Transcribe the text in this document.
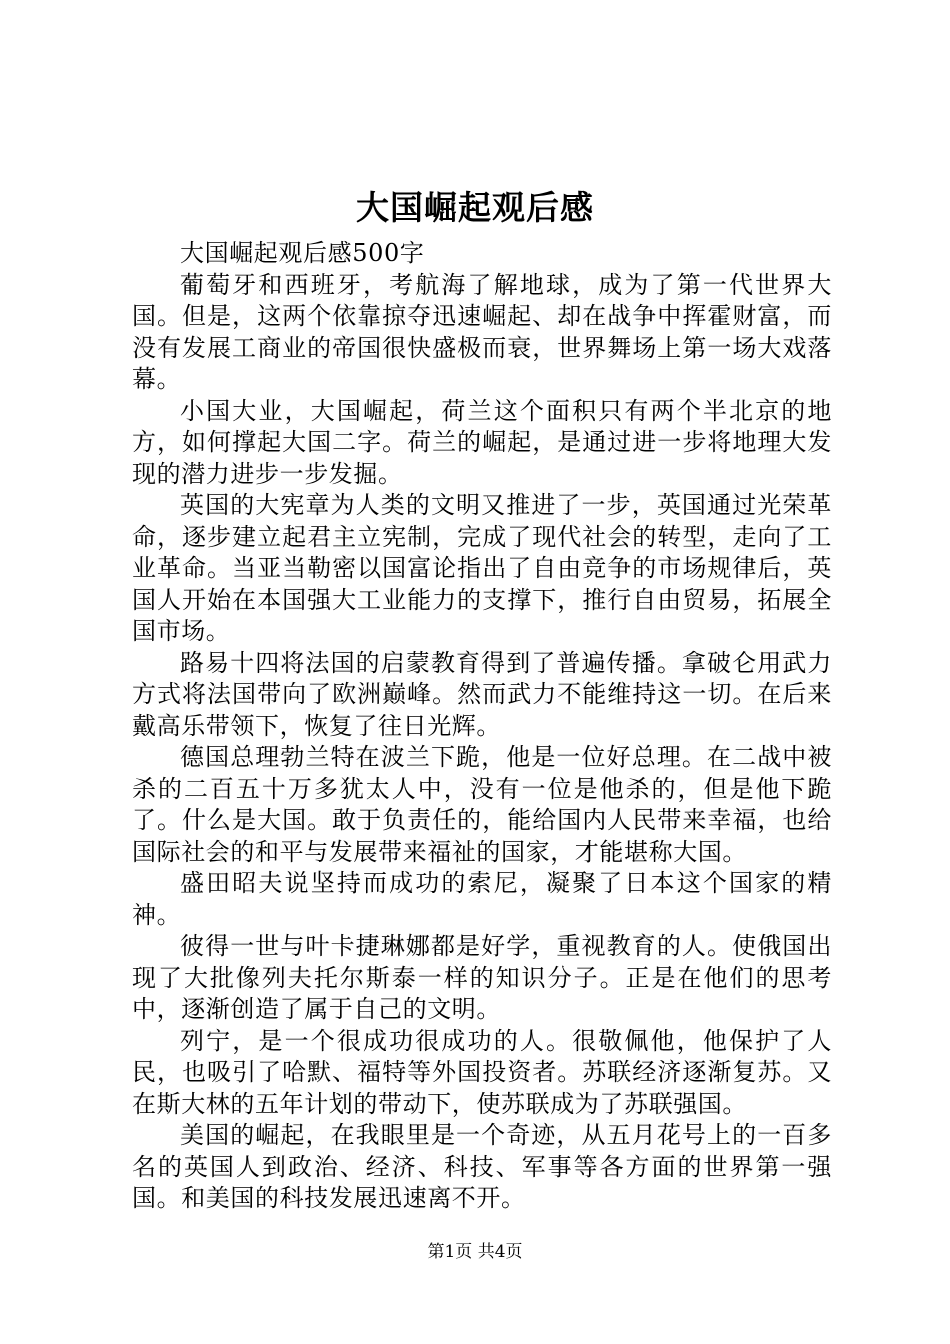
大国崛起观后感

大国崛起观后感500字

葡萄牙和西班牙，考航海了解地球，成为了第一代世界大国。但是，这两个依靠掠夺迅速崛起、却在战争中挥霍财富，而没有发展工商业的帝国很快盛极而衰，世界舞场上第一场大戏落幕。

小国大业，大国崛起，荷兰这个面积只有两个半北京的地方，如何撑起大国二字。荷兰的崛起，是通过进一步将地理大发现的潜力进步一步发掘。

英国的大宪章为人类的文明又推进了一步，英国通过光荣革命，逐步建立起君主立宪制，完成了现代社会的转型，走向了工业革命。当亚当勒密以国富论指出了自由竞争的市场规律后，英国人开始在本国强大工业能力的支撑下，推行自由贸易，拓展全国市场。

路易十四将法国的启蒙教育得到了普遍传播。拿破仑用武力方式将法国带向了欧洲巅峰。然而武力不能维持这一切。在后来戴高乐带领下，恢复了往日光辉。

德国总理勃兰特在波兰下跪，他是一位好总理。在二战中被杀的二百五十万多犹太人中，没有一位是他杀的，但是他下跪了。什么是大国。敢于负责任的，能给国内人民带来幸福，也给国际社会的和平与发展带来福祉的国家，才能堪称大国。

盛田昭夫说坚持而成功的索尼，凝聚了日本这个国家的精神。

彼得一世与叶卡捷琳娜都是好学，重视教育的人。使俄国出现了大批像列夫托尔斯泰一样的知识分子。正是在他们的思考中，逐渐创造了属于自己的文明。

列宁，是一个很成功很成功的人。很敬佩他，他保护了人民，也吸引了哈默、福特等外国投资者。苏联经济逐渐复苏。又在斯大林的五年计划的带动下，使苏联成为了苏联强国。

美国的崛起，在我眼里是一个奇迹，从五月花号上的一百多名的英国人到政治、经济、科技、军事等各方面的世界第一强国。和美国的科技发展迅速离不开。

第1页 共4页
